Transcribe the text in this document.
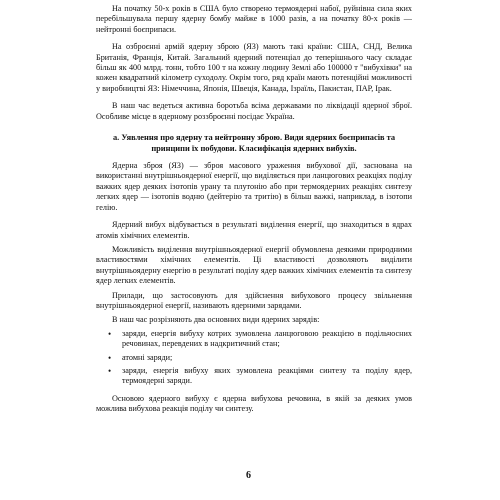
На початку 50-х років в США було створено термоядерні набої, руйнівна сила яких перебільшувала першу ядерну бомбу майже в 1000 разів, а на початку 80-х років — нейтронні боєприпаси.

На озброєнні армій ядерну зброю (ЯЗ) мають такі країни: США, СНД, Велика Британія, Франція, Китай. Загальний ядерний потенціал до теперішнього часу складає більш як 400 млрд. тонн, тобто 100 т на кожну людину Землі або 100000 т "вибухівки" на кожен квадратний кілометр суходолу. Окрім того, ряд країн мають потенційні можливості у виробництві ЯЗ: Німеччина, Японія, Швеція, Канада, Ізраїль, Пакистан, ПАР, Ірак.

В наш час ведеться активна боротьба всіма державами по ліквідації ядерної зброї. Особливе місце в ядерному роззброєнні посідає Україна.

а. Уявлення про ядерну та нейтронну зброю. Види ядерних боєприпасів та принципи їх побудови. Класифікація ядерних вибухів.

Ядерна зброя (ЯЗ) — зброя масового ураження вибухової дії, заснована на використанні внутрішньоядерної енергії, що виділяється при ланцюгових реакціях поділу важких ядер деяких ізотопів урану та плутонію або при термоядерних реакціях синтезу легких ядер — ізотопів водню (дейтерію та тритію) в більш важкі, наприклад, в ізотопи гелію.

Ядерний вибух відбувається в результаті виділення енергії, що знаходиться в ядрах атомів хімічних елементів.

Можливість виділення внутрішньоядерної енергії обумовлена деякими природними властивостями хімічних елементів. Ці властивості дозволяють виділити внутрішньоядерну енергію в результаті поділу ядер важких хімічних елементів та синтезу ядер легких елементів.

Прилади, що застосовують для здійснення вибухового процесу звільнення внутрішньоядерної енергії, називають ядерними зарядами.

В наш час розрізняють два основних види ядерних зарядів:

• заряди, енергія вибуху котрих зумовлена ланцюговою реакцією в подільчосних речовинах, перевдених в надкритичний стан;
• атомні заряди;
• заряди, енергія вибуху яких зумовлена реакціями синтезу та поділу ядер, термоядерні заряди.

Основою ядерного вибуху є ядерна вибухова речовина, в якій за деяких умов можлива вибухова реакція поділу чи синтезу.

6
